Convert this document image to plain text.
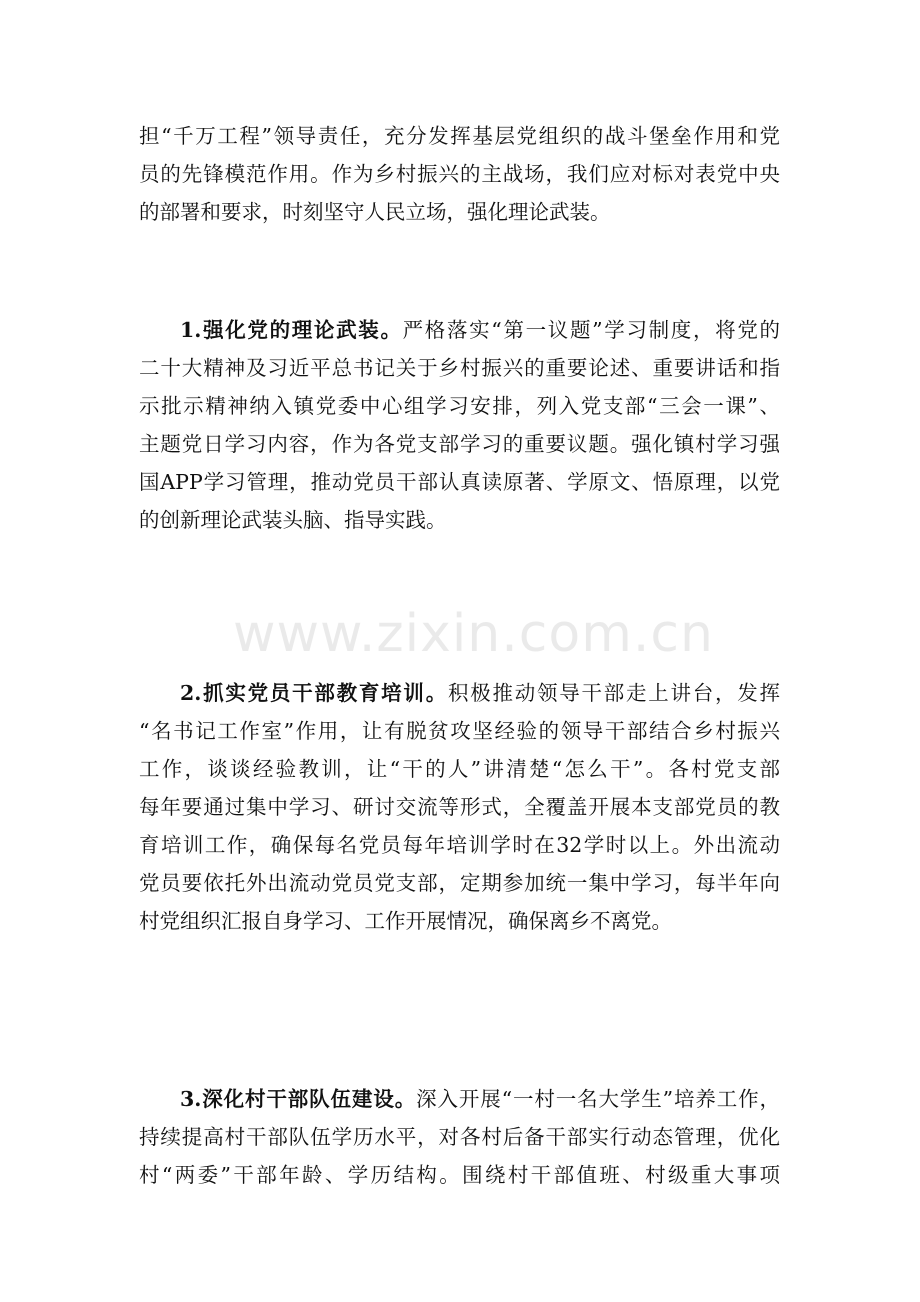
www.zixin.com.cn
担“千万工程”领导责任，充分发挥基层党组织的战斗堡垒作用和党
员的先锋模范作用。作为乡村振兴的主战场，我们应对标对表党中央
的部署和要求，时刻坚守人民立场，强化理论武装。
1.强化党的理论武装。严格落实“第一议题”学习制度，将党的
二十大精神及习近平总书记关于乡村振兴的重要论述、重要讲话和指
示批示精神纳入镇党委中心组学习安排，列入党支部“三会一课”、
主题党日学习内容，作为各党支部学习的重要议题。强化镇村学习强
国APP学习管理，推动党员干部认真读原著、学原文、悟原理，以党
的创新理论武装头脑、指导实践。
2.抓实党员干部教育培训。积极推动领导干部走上讲台，发挥
“名书记工作室”作用，让有脱贫攻坚经验的领导干部结合乡村振兴
工作，谈谈经验教训，让“干的人”讲清楚“怎么干”。各村党支部
每年要通过集中学习、研讨交流等形式，全覆盖开展本支部党员的教
育培训工作，确保每名党员每年培训学时在32学时以上。外出流动
党员要依托外出流动党员党支部，定期参加统一集中学习，每半年向
村党组织汇报自身学习、工作开展情况，确保离乡不离党。
3.深化村干部队伍建设。深入开展“一村一名大学生”培养工作，
持续提高村干部队伍学历水平，对各村后备干部实行动态管理，优化
村“两委”干部年龄、学历结构。围绕村干部值班、村级重大事项
